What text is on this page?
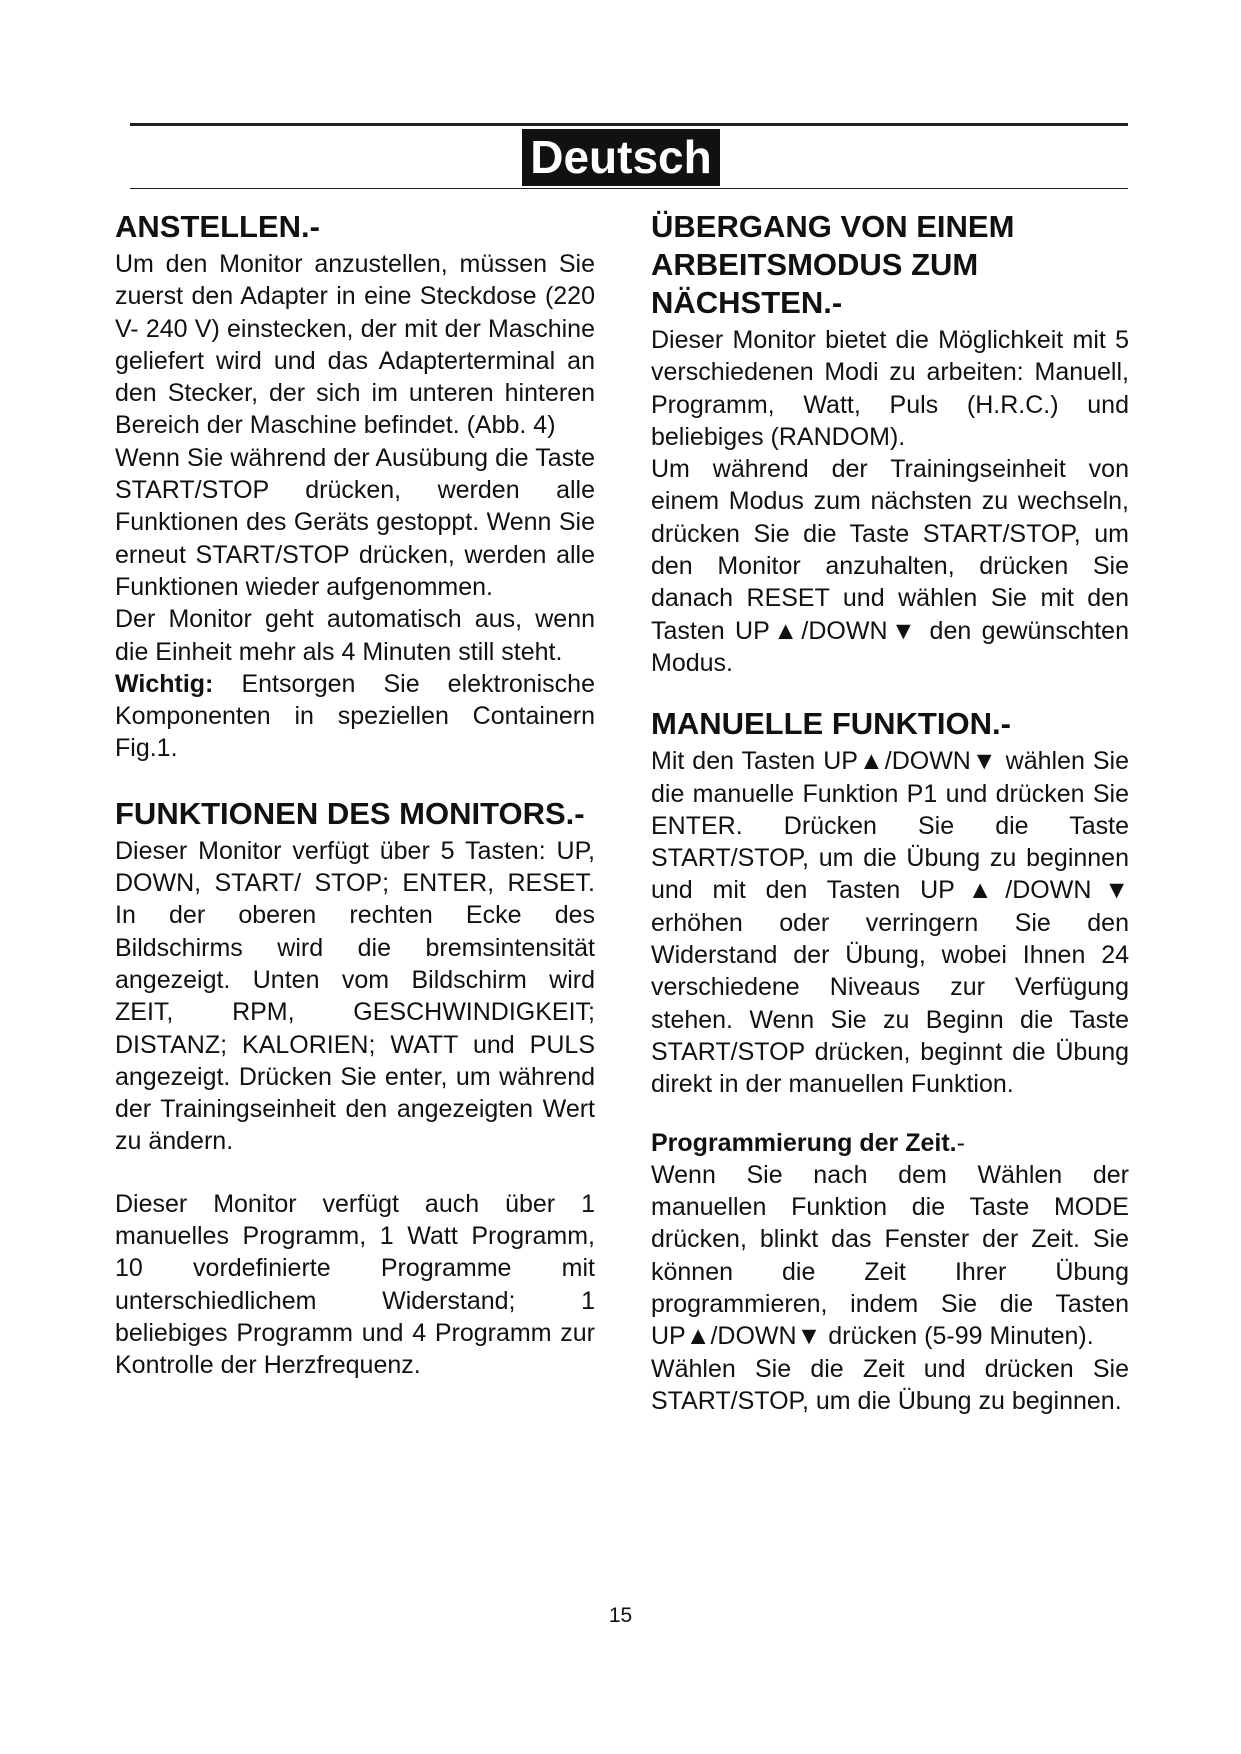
Deutsch
ANSTELLEN.-

Um den Monitor anzustellen, müssen Sie zuerst den Adapter in eine Steckdose (220 V- 240 V) einstecken, der mit der Maschine geliefert wird und das Adapterterminal an den Stecker, der sich im unteren hinteren Bereich der Maschine befindet. (Abb. 4)

Wenn Sie während der Ausübung die Taste START/STOP drücken, werden alle Funktionen des Geräts gestoppt. Wenn Sie erneut START/STOP drücken, werden alle Funktionen wieder aufgenommen.

Der Monitor geht automatisch aus, wenn die Einheit mehr als 4 Minuten still steht.

Wichtig: Entsorgen Sie elektronische Komponenten in speziellen Containern Fig.1.

FUNKTIONEN DES MONITORS.-

Dieser Monitor verfügt über 5 Tasten: UP, DOWN, START/ STOP; ENTER, RESET. In der oberen rechten Ecke des Bildschirms wird die bremsintensität angezeigt. Unten vom Bildschirm wird ZEIT, RPM, GESCHWINDIGKEIT; DISTANZ; KALORIEN; WATT und PULS angezeigt. Drücken Sie enter, um während der Trainingseinheit den angezeigten Wert zu ändern.

Dieser Monitor verfügt auch über 1 manuelles Programm, 1 Watt Programm, 10 vordefinierte Programme mit unterschiedlichem Widerstand; 1 beliebiges Programm und 4 Programm zur Kontrolle der Herzfrequenz.

ÜBERGANG VON EINEM ARBEITSMODUS ZUM NÄCHSTEN.-

Dieser Monitor bietet die Möglichkeit mit 5 verschiedenen Modi zu arbeiten: Manuell, Programm, Watt, Puls (H.R.C.) und beliebiges (RANDOM).

Um während der Trainingseinheit von einem Modus zum nächsten zu wechseln, drücken Sie die Taste START/STOP, um den Monitor anzuhalten, drücken Sie danach RESET und wählen Sie mit den Tasten UP▲/DOWN▼ den gewünschten Modus.

MANUELLE FUNKTION.-

Mit den Tasten UP▲/DOWN▼ wählen Sie die manuelle Funktion P1 und drücken Sie ENTER. Drücken Sie die Taste START/STOP, um die Übung zu beginnen und mit den Tasten UP▲/DOWN▼ erhöhen oder verringern Sie den Widerstand der Übung, wobei Ihnen 24 verschiedene Niveaus zur Verfügung stehen. Wenn Sie zu Beginn die Taste START/STOP drücken, beginnt die Übung direkt in der manuellen Funktion.

Programmierung der Zeit.-

Wenn Sie nach dem Wählen der manuellen Funktion die Taste MODE drücken, blinkt das Fenster der Zeit. Sie können die Zeit Ihrer Übung programmieren, indem Sie die Tasten UP▲/DOWN▼ drücken (5-99 Minuten).

Wählen Sie die Zeit und drücken Sie START/STOP, um die Übung zu beginnen.

15
